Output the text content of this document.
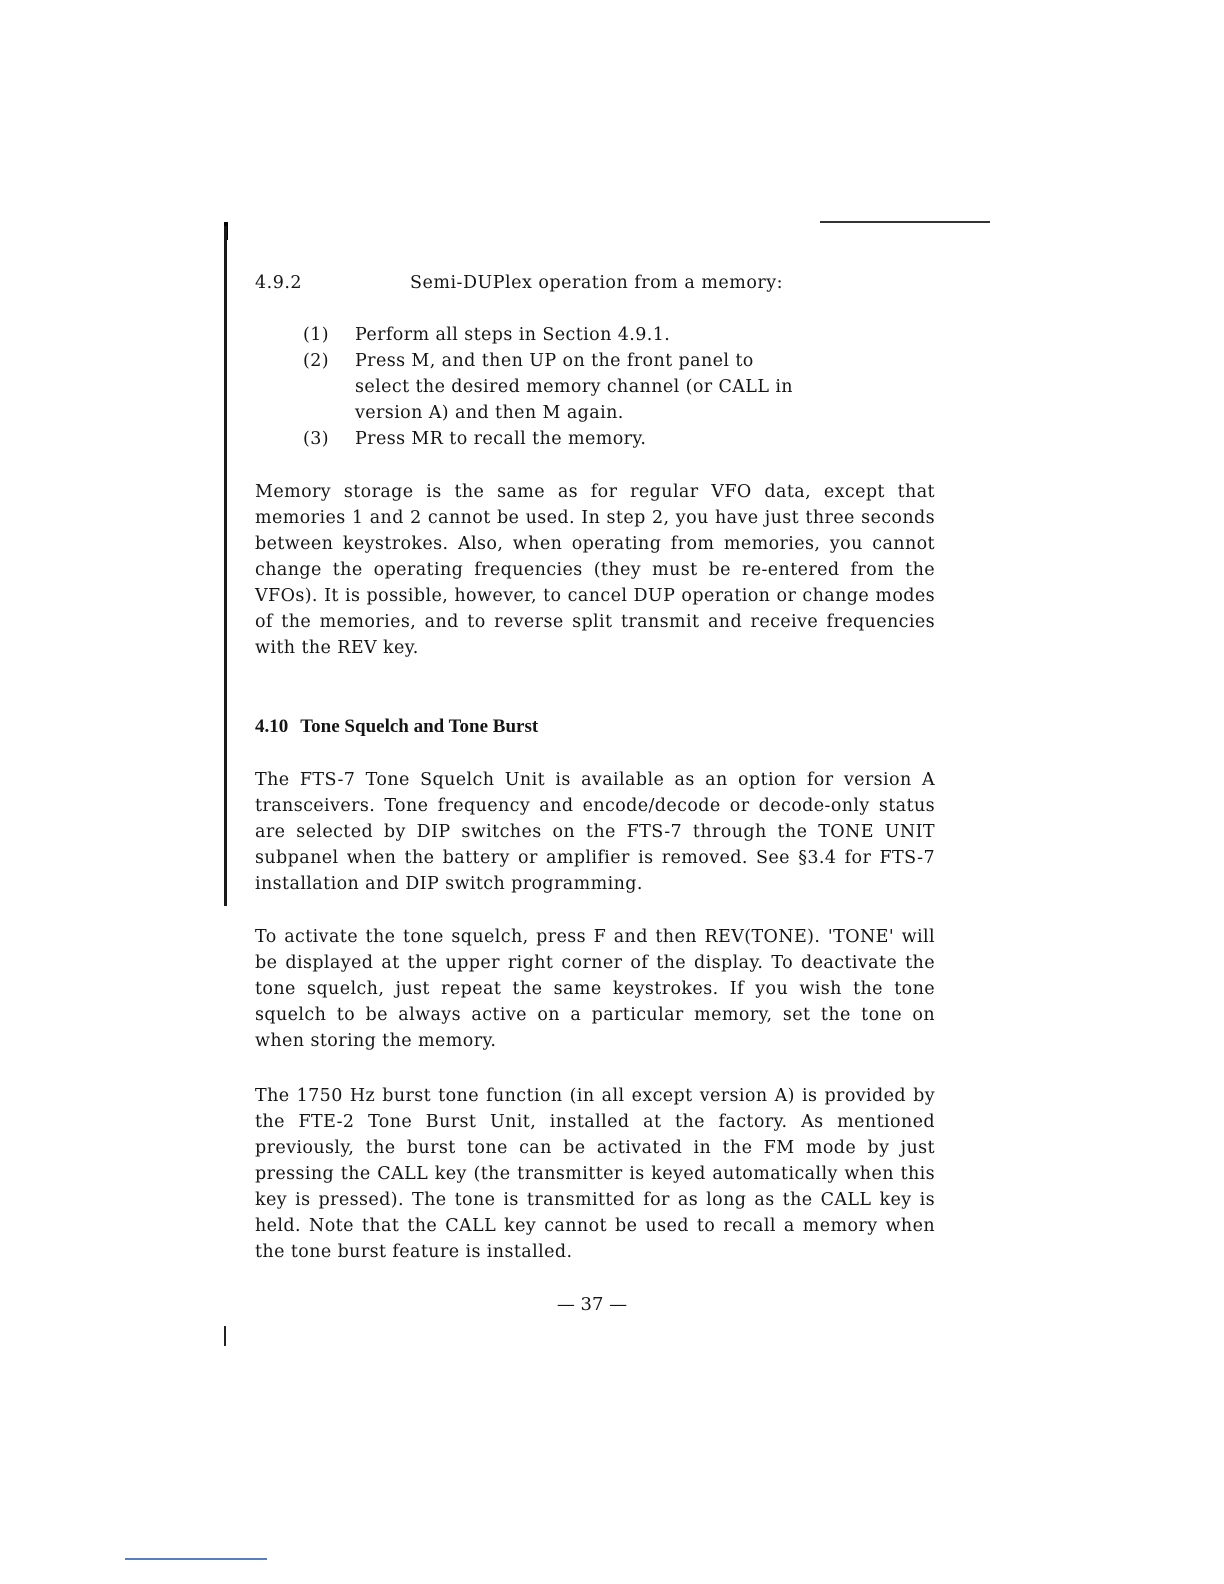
4.9.2	Semi-DUPlex operation from a memory:
(1)	Perform all steps in Section 4.9.1.
(2)	Press M, and then UP on the front panel to select the desired memory channel (or CALL in version A) and then M again.
(3)	Press MR to recall the memory.

Memory storage is the same as for regular VFO data, except that memories 1 and 2 cannot be used. In step 2, you have just three seconds between keystrokes. Also, when operating from memories, you cannot change the operating frequencies (they must be re-entered from the VFOs). It is possible, however, to cancel DUP operation or change modes of the memories, and to reverse split transmit and receive frequencies with the REV key.

4.10 Tone Squelch and Tone Burst

The FTS-7 Tone Squelch Unit is available as an option for version A transceivers. Tone frequency and encode/decode or decode-only status are selected by DIP switches on the FTS-7 through the TONE UNIT subpanel when the battery or amplifier is removed. See §3.4 for FTS-7 installation and DIP switch programming.

To activate the tone squelch, press F and then REV(TONE). 'TONE' will be displayed at the upper right corner of the display. To deactivate the tone squelch, just repeat the same keystrokes. If you wish the tone squelch to be always active on a particular memory, set the tone on when storing the memory.

The 1750 Hz burst tone function (in all except version A) is provided by the FTE-2 Tone Burst Unit, installed at the factory. As mentioned previously, the burst tone can be activated in the FM mode by just pressing the CALL key (the transmitter is keyed automatically when this key is pressed). The tone is transmitted for as long as the CALL key is held. Note that the CALL key cannot be used to recall a memory when the tone burst feature is installed.

— 37 —
